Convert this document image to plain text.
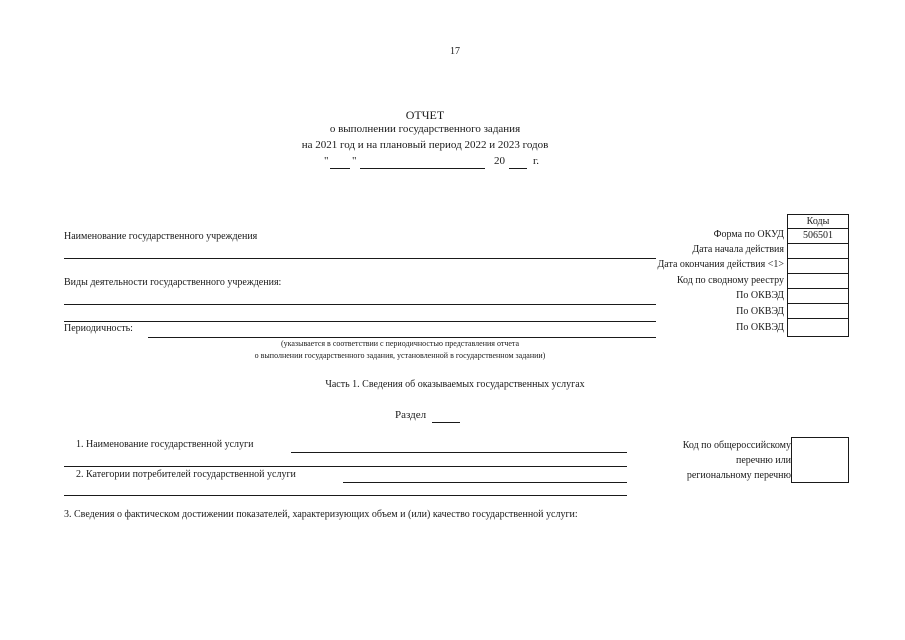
17
ОТЧЕТ
о выполнении государственного задания
на 2021 год и на плановый период 2022 и 2023 годов
" "	20	г.
Наименование государственного учреждения
Виды деятельности государственного учреждения:
Периодичность:
(указывается в соответствии с периодичностью представления отчета
о выполнении государственного задания, установленной в государственном задании)
Коды
Форма по ОКУД	506501
Дата начала действия
Дата окончания действия <1>
Код по сводному реестру
По ОКВЭД
По ОКВЭД
По ОКВЭД
Часть 1. Сведения об оказываемых государственных услугах
Раздел
1. Наименование государственной услуги
2. Категории потребителей государственной услуги
Код по общероссийскому
перечню или
региональному перечню
3. Сведения о фактическом достижении показателей, характеризующих объем и (или) качество государственной услуги:
